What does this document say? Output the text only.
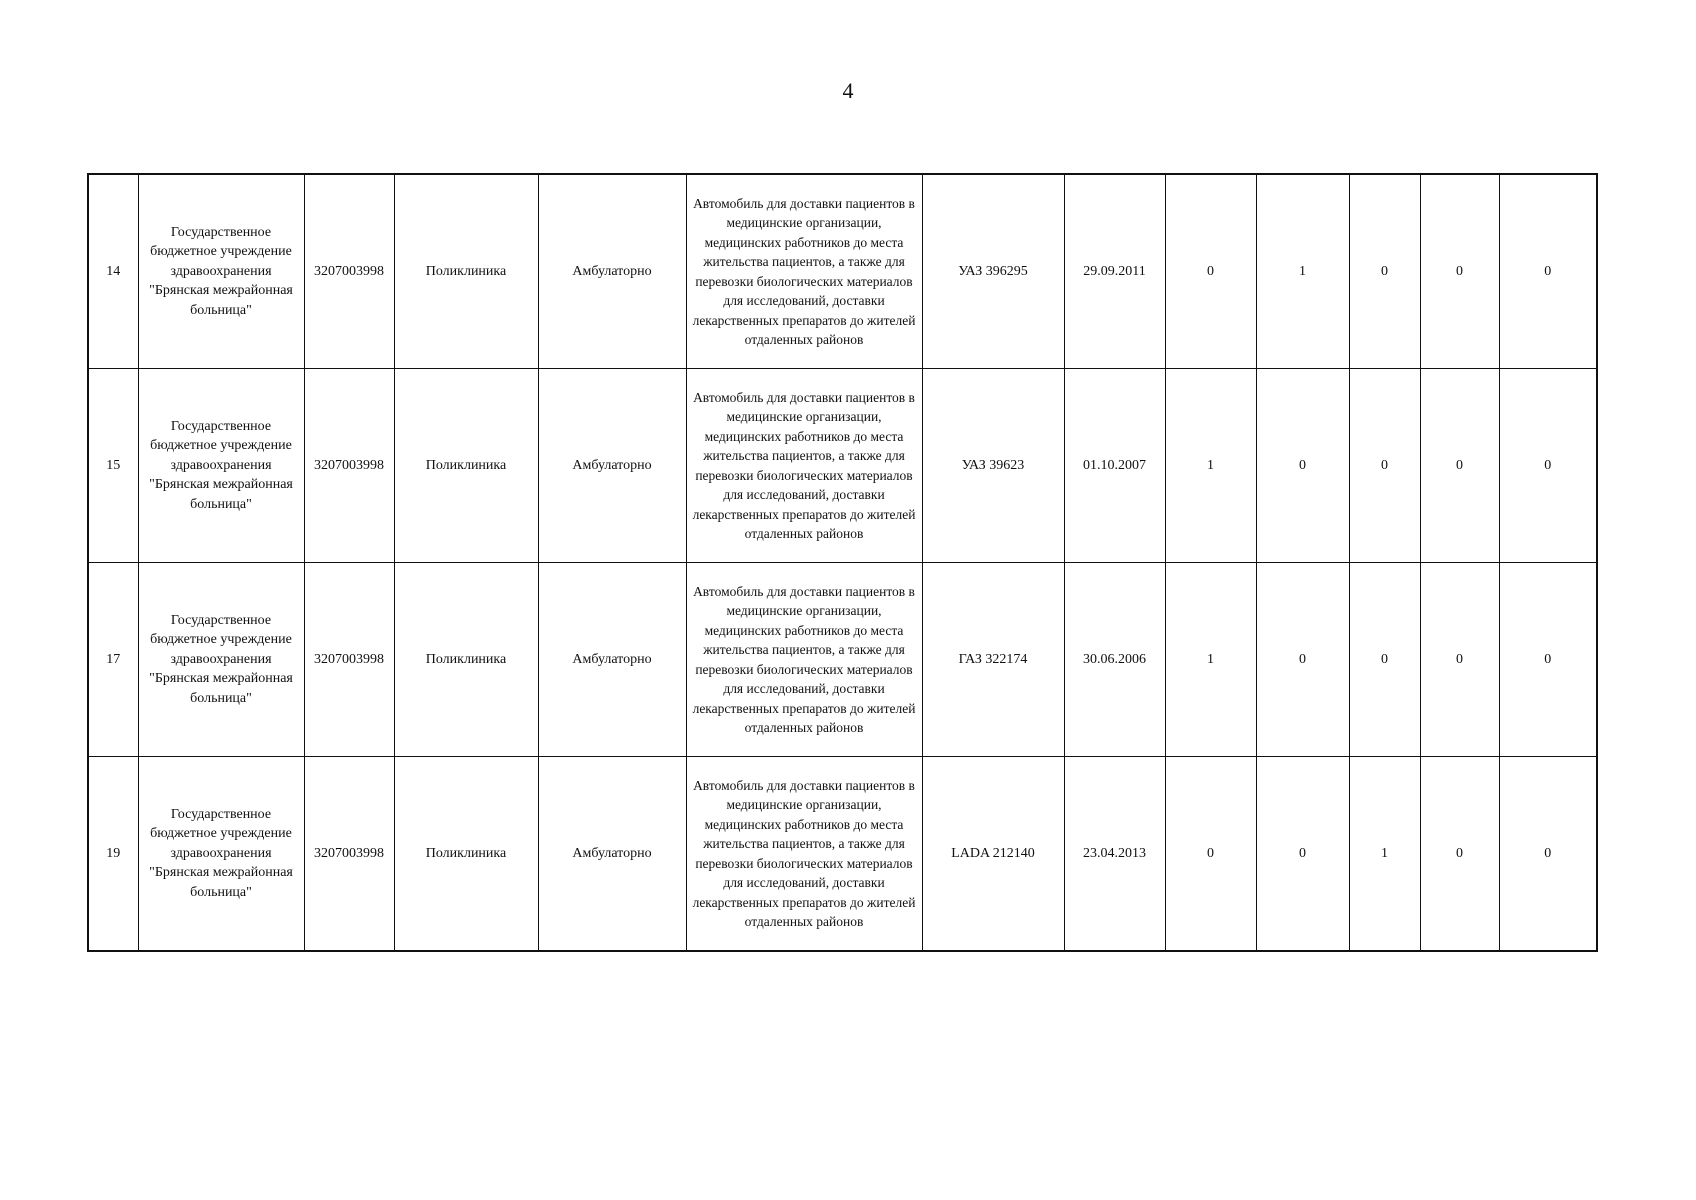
4
14	Государственное бюджетное учреждение здравоохранения "Брянская межрайонная больница"	3207003998	Поликлиника	Амбулаторно	Автомобиль для доставки пациентов в медицинские организации, медицинских работников до места жительства пациентов, а также для перевозки биологических материалов для исследований, доставки лекарственных препаратов до жителей отдаленных районов	УАЗ 396295	29.09.2011	0	1	0	0	0
15	Государственное бюджетное учреждение здравоохранения "Брянская межрайонная больница"	3207003998	Поликлиника	Амбулаторно	Автомобиль для доставки пациентов в медицинские организации, медицинских работников до места жительства пациентов, а также для перевозки биологических материалов для исследований, доставки лекарственных препаратов до жителей отдаленных районов	УАЗ 39623	01.10.2007	1	0	0	0	0
17	Государственное бюджетное учреждение здравоохранения "Брянская межрайонная больница"	3207003998	Поликлиника	Амбулаторно	Автомобиль для доставки пациентов в медицинские организации, медицинских работников до места жительства пациентов, а также для перевозки биологических материалов для исследований, доставки лекарственных препаратов до жителей отдаленных районов	ГАЗ 322174	30.06.2006	1	0	0	0	0
19	Государственное бюджетное учреждение здравоохранения "Брянская межрайонная больница"	3207003998	Поликлиника	Амбулаторно	Автомобиль для доставки пациентов в медицинские организации, медицинских работников до места жительства пациентов, а также для перевозки биологических материалов для исследований, доставки лекарственных препаратов до жителей отдаленных районов	LADA 212140	23.04.2013	0	0	1	0	0
